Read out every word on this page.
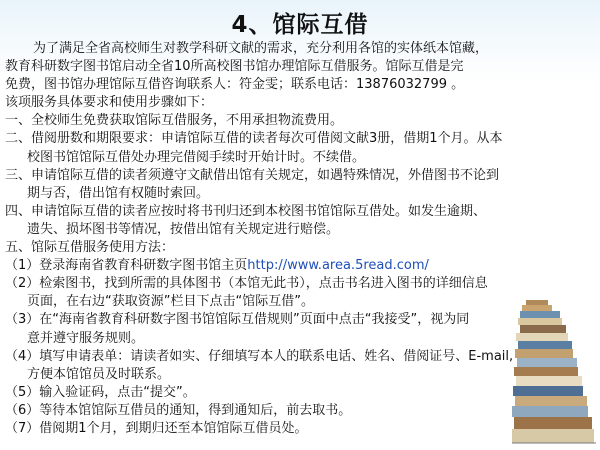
4、馆际互借
为了满足全省高校师生对教学科研文献的需求，充分利用各馆的实体纸本馆藏，
教育科研数字图书馆启动全省10所高校图书馆办理馆际互借服务。馆际互借是完
免费，图书馆办理馆际互借咨询联系人：符金雯；联系电话：13876032799 。
该项服务具体要求和使用步骤如下：
一、全校师生免费获取馆际互借服务，不用承担物流费用。
二、借阅册数和期限要求：申请馆际互借的读者每次可借阅文献3册，借期1个月。从本
校图书馆馆际互借处办理完借阅手续时开始计时。不续借。
三、申请馆际互借的读者须遵守文献借出馆有关规定，如遇特殊情况，外借图书不论到
期与否，借出馆有权随时索回。
四、申请馆际互借的读者应按时将书刊归还到本校图书馆馆际互借处。如发生逾期、
遗失、损坏图书等情况，按借出馆有关规定进行赔偿。
五、馆际互借服务使用方法：
（1）登录海南省教育科研数字图书馆主页http://www.area.5read.com/
（2）检索图书，找到所需的具体图书（本馆无此书），点击书名进入图书的详细信息
页面，在右边“获取资源”栏目下点击“馆际互借”。
（3）在“海南省教育科研数字图书馆馆际互借规则”页面中点击“我接受”，视为同
意并遵守服务规则。
（4）填写申请表单：请读者如实、仔细填写本人的联系电话、姓名、借阅证号、E-mail,
方便本馆馆员及时联系。
（5）输入验证码，点击“提交”。
（6）等待本馆馆际互借员的通知，得到通知后，前去取书。
（7）借阅期1个月，到期归还至本馆馆际互借员处。
